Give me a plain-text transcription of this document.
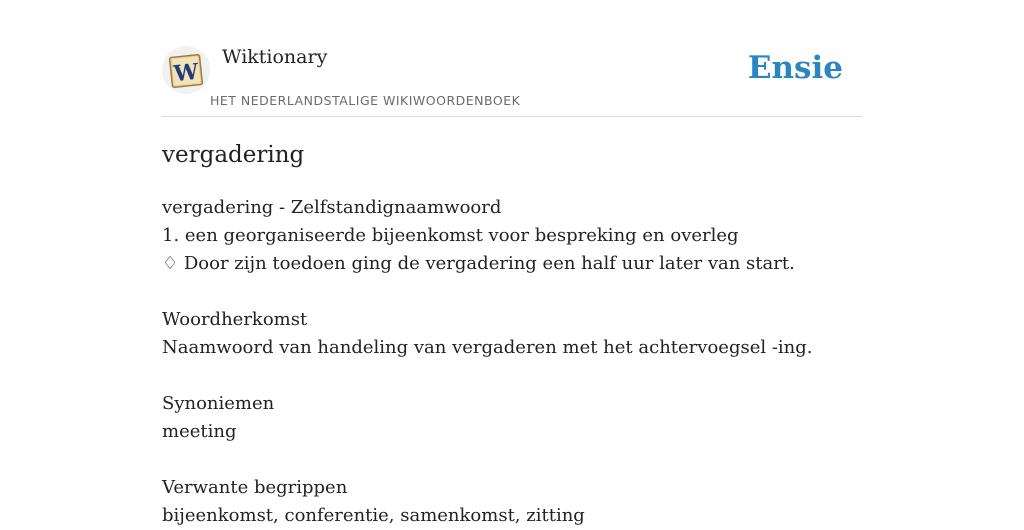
W
Wiktionary
HET NEDERLANDSTALIGE WIKIWOORDENBOEK
Ensie
vergadering
vergadering - Zelfstandignaamwoord
1. een georganiseerde bijeenkomst voor bespreking en overleg
♢ Door zijn toedoen ging de vergadering een half uur later van start.
Woordherkomst
Naamwoord van handeling van vergaderen met het achtervoegsel -ing.
Synoniemen
meeting
Verwante begrippen
bijeenkomst, conferentie, samenkomst, zitting
